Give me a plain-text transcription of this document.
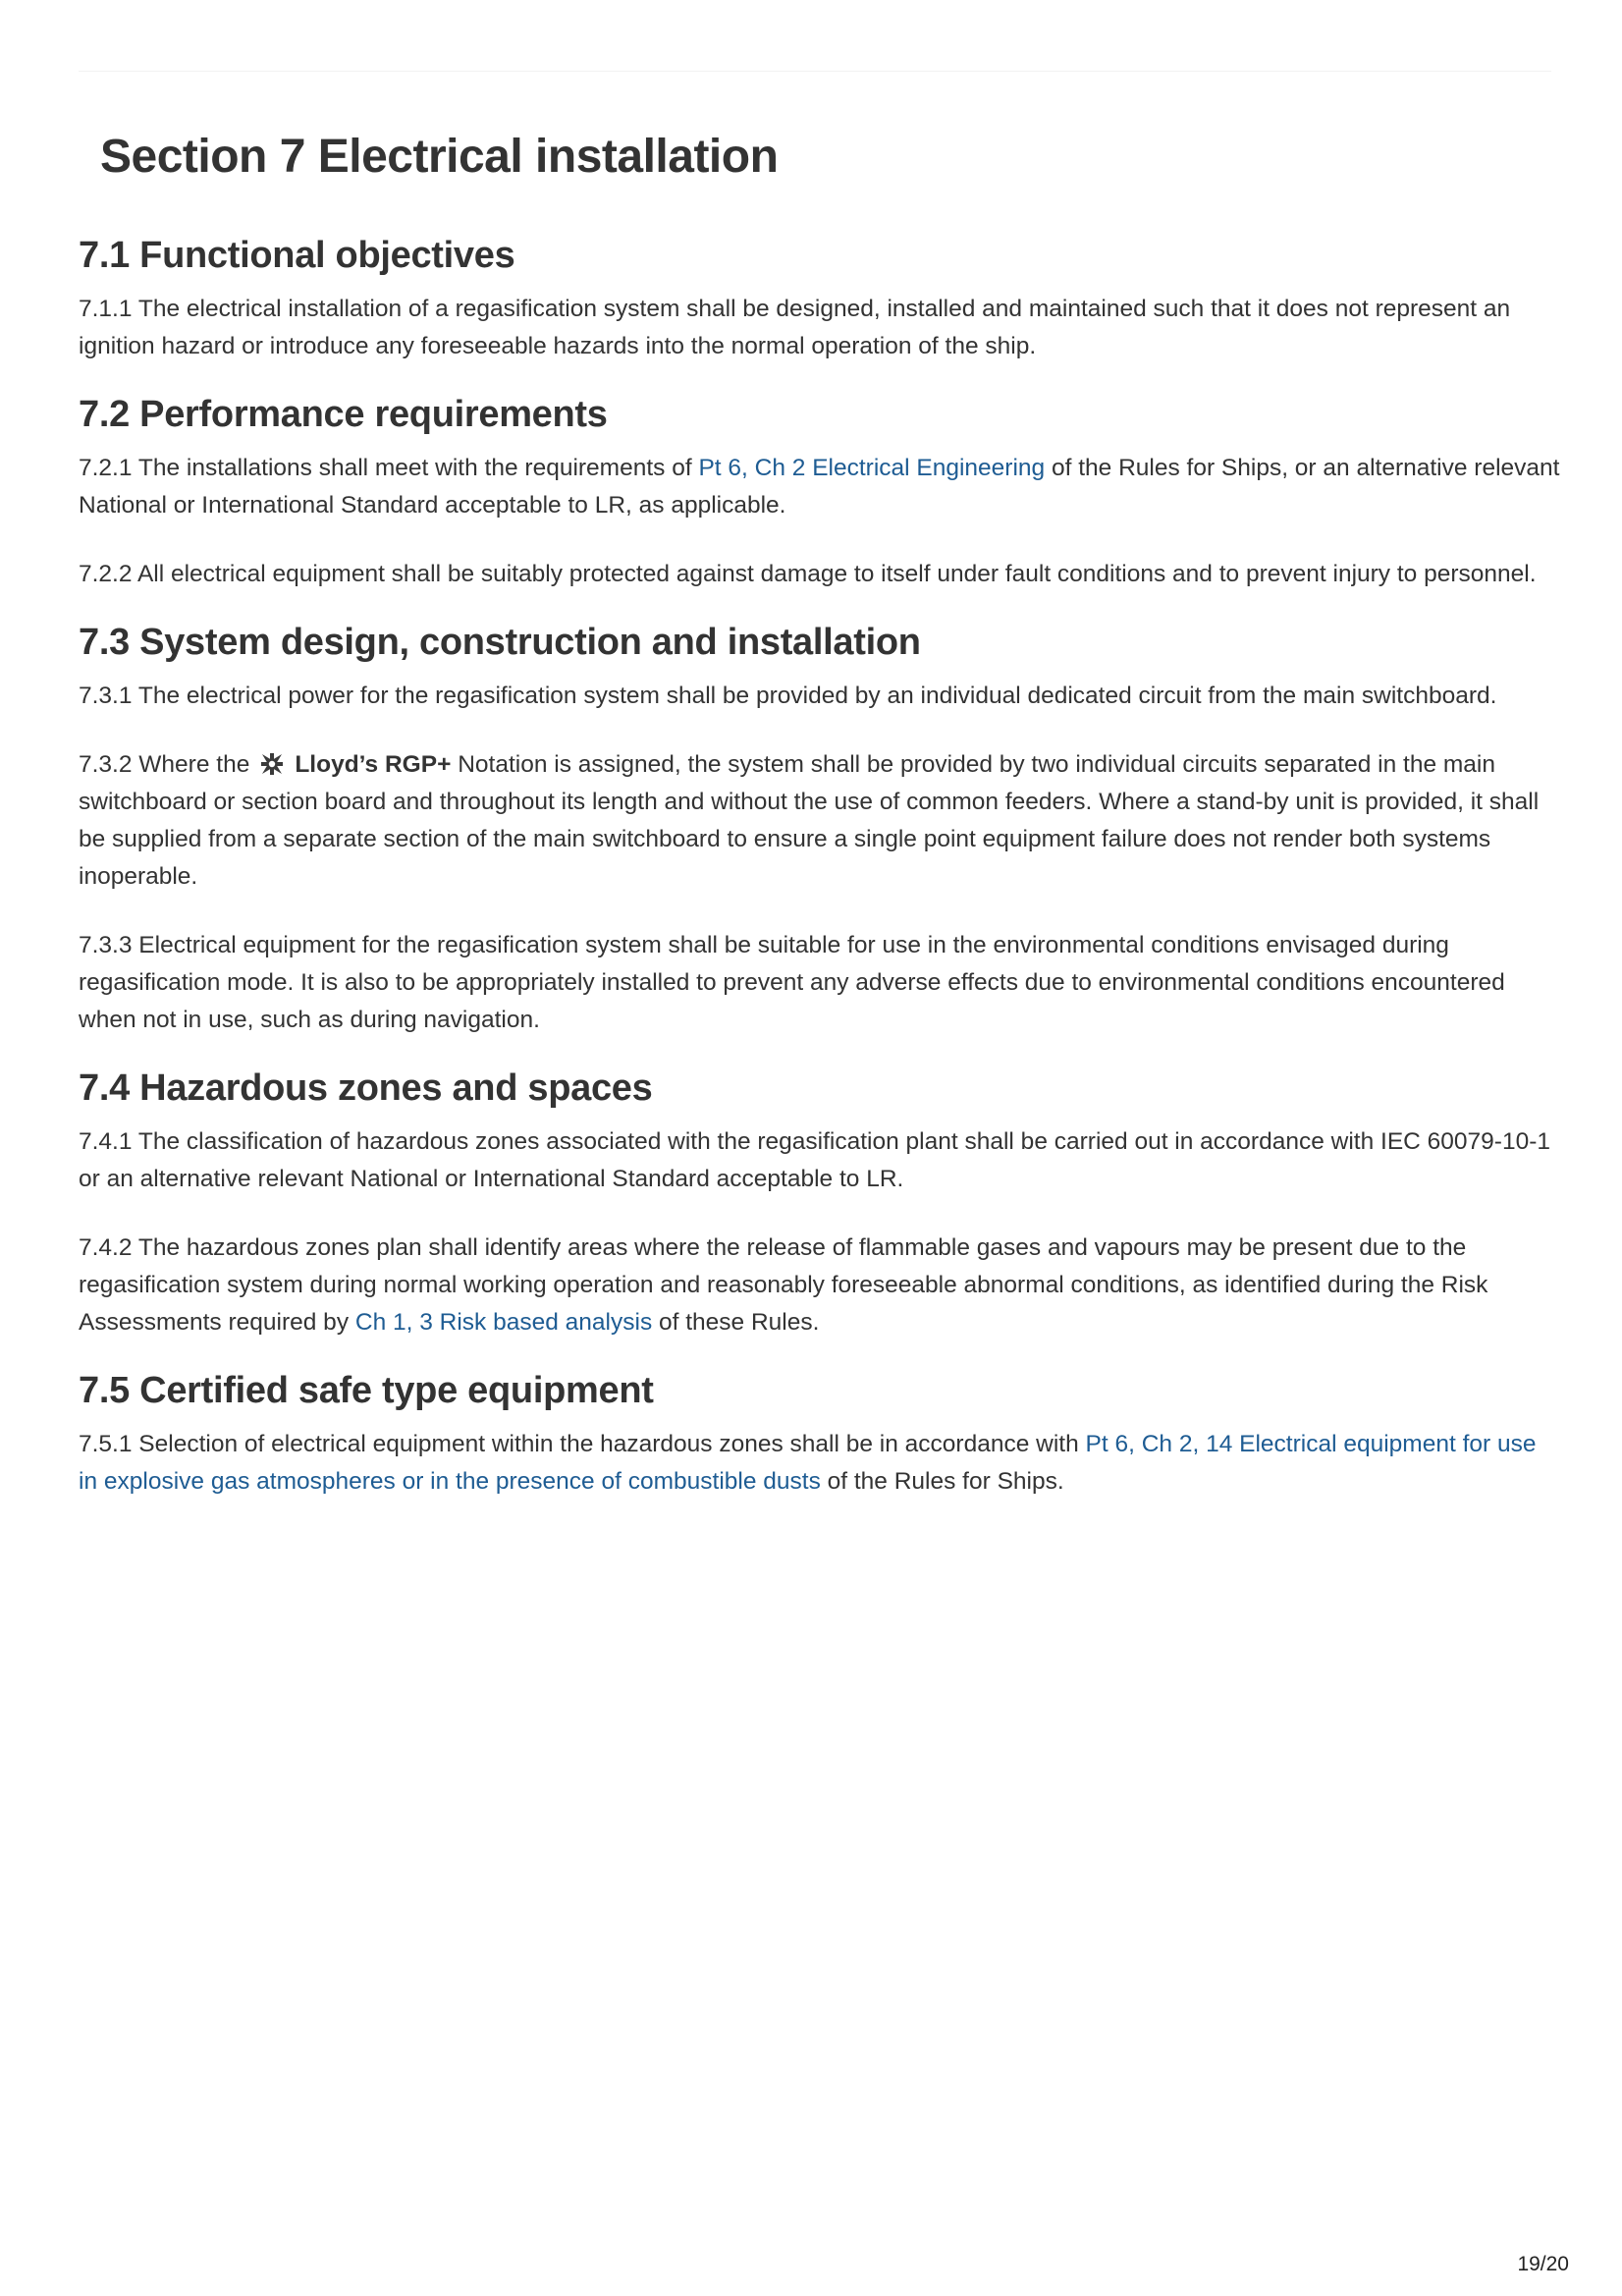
Section 7 Electrical installation
7.1 Functional objectives

7.1.1 The electrical installation of a regasification system shall be designed, installed and maintained such that it does not represent an ignition hazard or introduce any foreseeable hazards into the normal operation of the ship.

7.2 Performance requirements

7.2.1 The installations shall meet with the requirements of Pt 6, Ch 2 Electrical Engineering of the Rules for Ships, or an alternative relevant National or International Standard acceptable to LR, as applicable.

7.2.2 All electrical equipment shall be suitably protected against damage to itself under fault conditions and to prevent injury to personnel.

7.3 System design, construction and installation

7.3.1 The electrical power for the regasification system shall be provided by an individual dedicated circuit from the main switchboard.

7.3.2 Where the Lloyd’s RGP+ Notation is assigned, the system shall be provided by two individual circuits separated in the main switchboard or section board and throughout its length and without the use of common feeders. Where a stand-by unit is provided, it shall be supplied from a separate section of the main switchboard to ensure a single point equipment failure does not render both systems inoperable.

7.3.3 Electrical equipment for the regasification system shall be suitable for use in the environmental conditions envisaged during regasification mode. It is also to be appropriately installed to prevent any adverse effects due to environmental conditions encountered when not in use, such as during navigation.

7.4 Hazardous zones and spaces

7.4.1 The classification of hazardous zones associated with the regasification plant shall be carried out in accordance with IEC 60079-10-1 or an alternative relevant National or International Standard acceptable to LR.

7.4.2 The hazardous zones plan shall identify areas where the release of flammable gases and vapours may be present due to the regasification system during normal working operation and reasonably foreseeable abnormal conditions, as identified during the Risk Assessments required by Ch 1, 3 Risk based analysis of these Rules.

7.5 Certified safe type equipment

7.5.1 Selection of electrical equipment within the hazardous zones shall be in accordance with Pt 6, Ch 2, 14 Electrical equipment for use in explosive gas atmospheres or in the presence of combustible dusts of the Rules for Ships.

19/20
